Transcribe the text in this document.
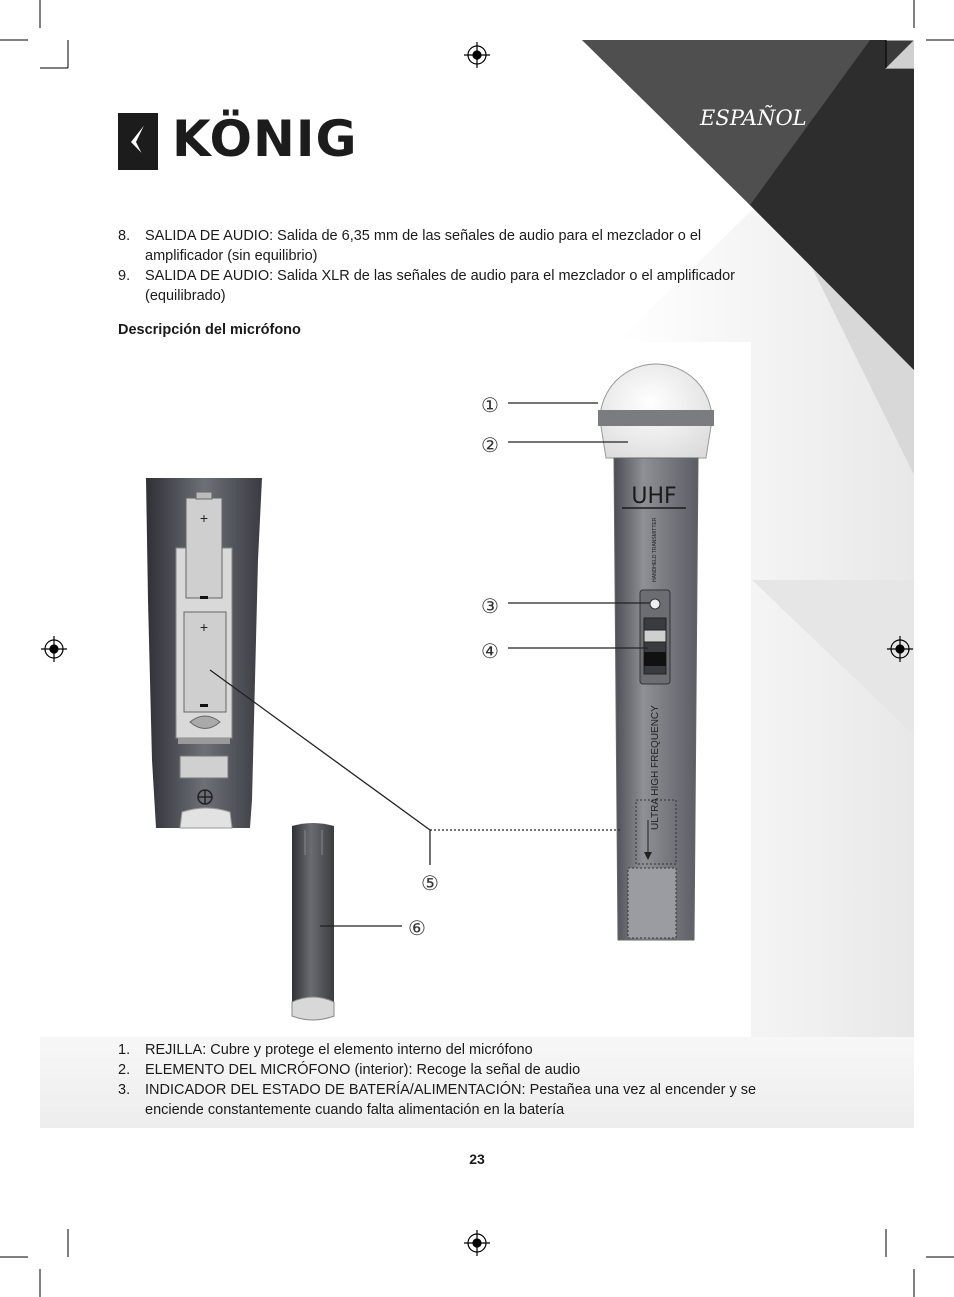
+
+
UHF
HANDHELD TRANSMITTER
ULTRA HIGH FREQUENCY
①
②
③
④
⑤
⑥
KÖNIG	ESPAÑOL
8.	SALIDA DE AUDIO: Salida de 6,35 mm de las señales de audio para el mezclador o el amplificador (sin equilibrio)
9.	SALIDA DE AUDIO: Salida XLR de las señales de audio para el mezclador o el amplificador (equilibrado)
Descripción del micrófono
1.	REJILLA: Cubre y protege el elemento interno del micrófono
2.	ELEMENTO DEL MICRÓFONO (interior): Recoge la señal de audio
3.	INDICADOR DEL ESTADO DE BATERÍA/ALIMENTACIÓN: Pestañea una vez al encender y se enciende constantemente cuando falta alimentación en la batería
23
